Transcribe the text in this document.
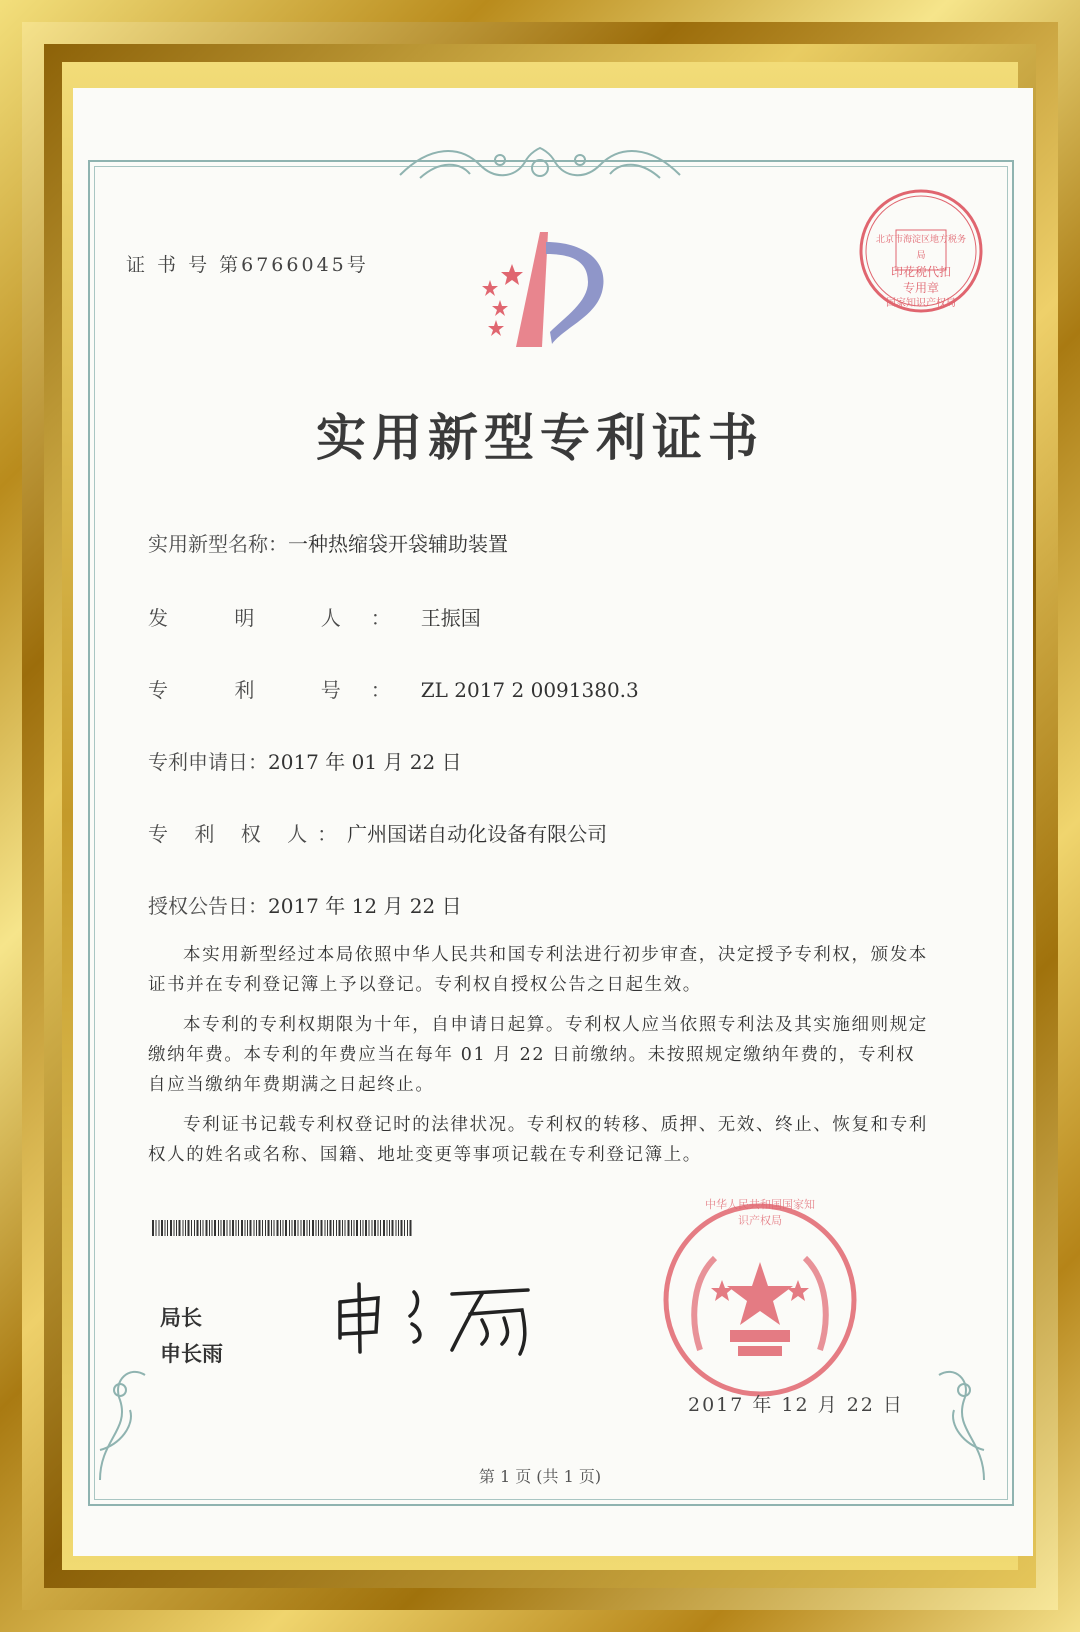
证 书 号 第6766045号
北京市海淀区地方税务局
印花税代扣专用章
国家知识产权局
实用新型专利证书
实用新型名称：一种热缩袋开袋辅助装置
发 明 人：王振国
专 利 号：ZL 2017 2 0091380.3
专利申请日：2017 年 01 月 22 日
专 利 权 人：广州国诺自动化设备有限公司
授权公告日：2017 年 12 月 22 日

本实用新型经过本局依照中华人民共和国专利法进行初步审查，决定授予专利权，颁发本证书并在专利登记簿上予以登记。专利权自授权公告之日起生效。

本专利的专利权期限为十年，自申请日起算。专利权人应当依照专利法及其实施细则规定缴纳年费。本专利的年费应当在每年 01 月 22 日前缴纳。未按照规定缴纳年费的，专利权自应当缴纳年费期满之日起终止。

专利证书记载专利权登记时的法律状况。专利权的转移、质押、无效、终止、恢复和专利权人的姓名或名称、国籍、地址变更等事项记载在专利登记簿上。

局长
申长雨
中华人民共和国国家知识产权局
2017 年 12 月 22 日
第 1 页 (共 1 页)
